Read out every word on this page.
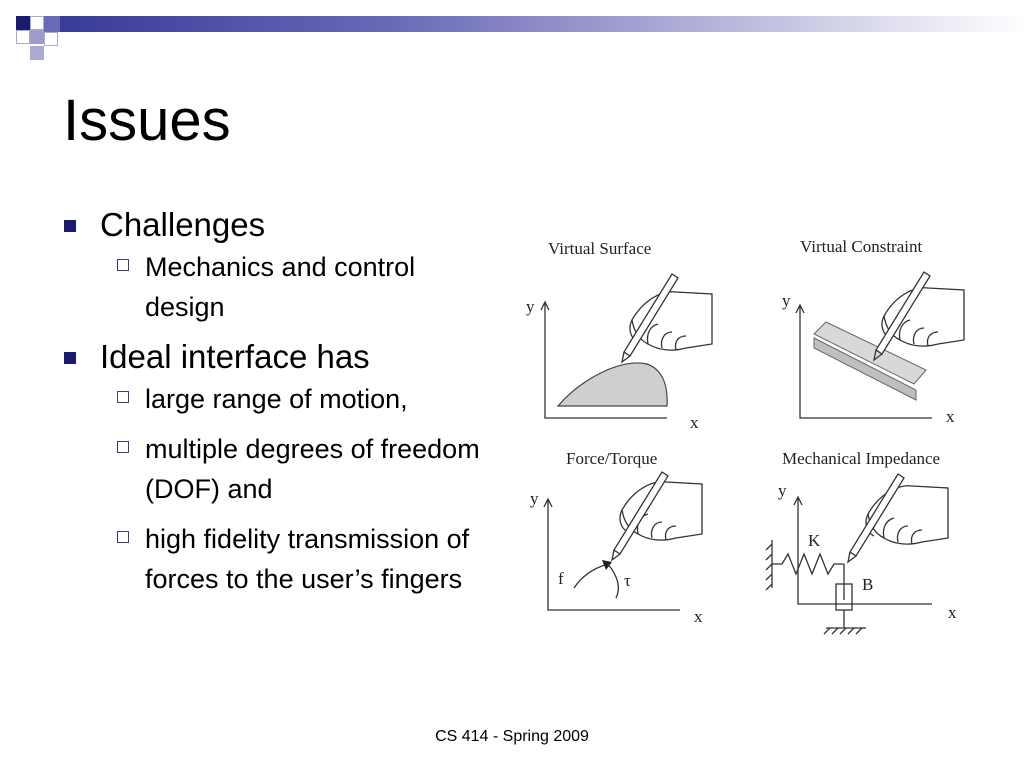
Issues
Challenges
Mechanics and control design
Ideal interface has
large range of motion,
multiple degrees of freedom (DOF) and
high fidelity transmission of forces to the user’s fingers
Virtual Surface
y
x
Virtual Constraint
y
x
Force/Torque
y
x
f	τ
Mechanical Impedance
y
x
K
B
CS 414 - Spring 2009
